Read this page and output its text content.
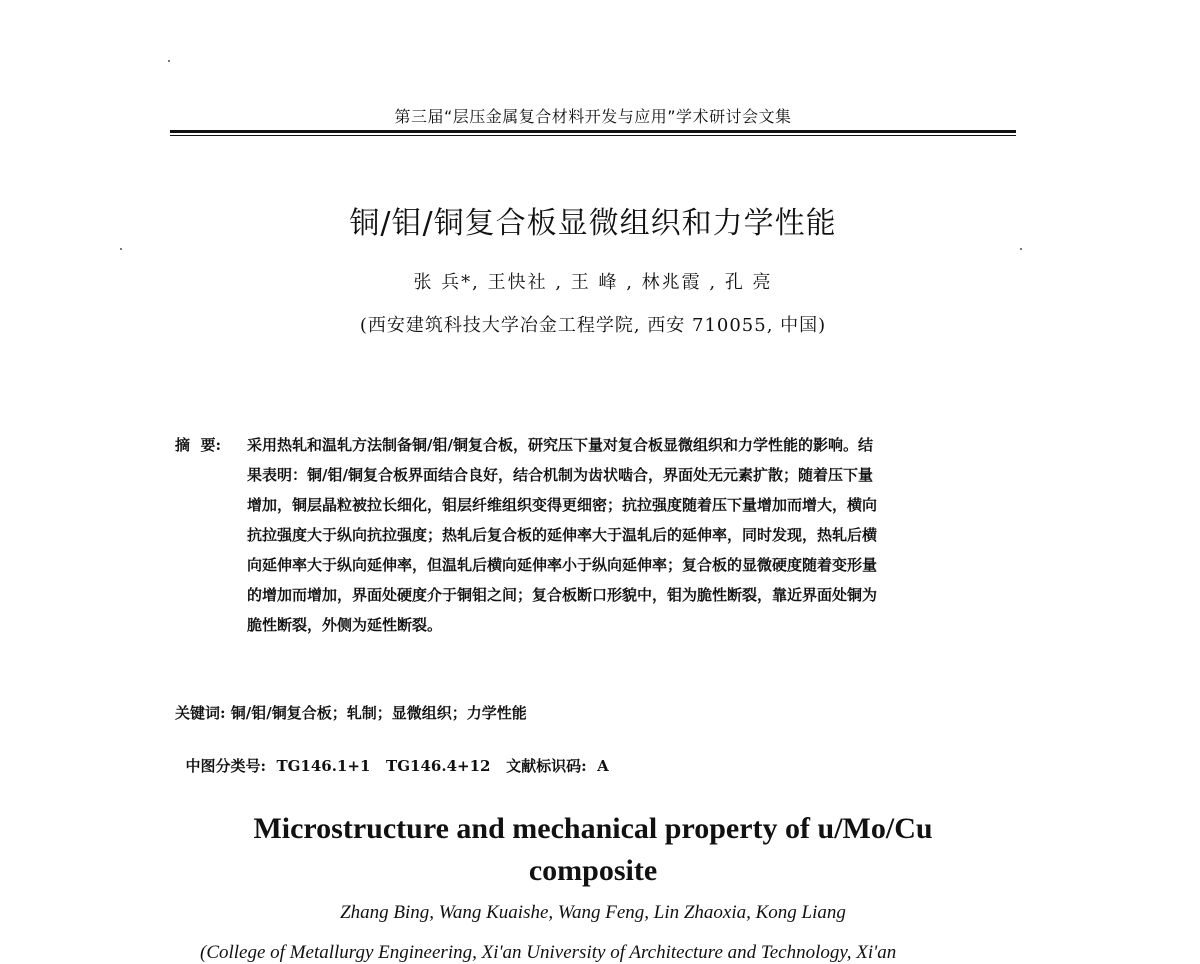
第三届“层压金属复合材料开发与应用”学术研讨会文集
铜/钼/铜复合板显微组织和力学性能
张 兵*, 王快社 , 王 峰 , 林兆霞 , 孔 亮
(西安建筑科技大学冶金工程学院, 西安 710055, 中国)
摘  要:	采用热轧和温轧方法制备铜/钼/铜复合板，研究压下量对复合板显微组织和力学性能的影响。结
果表明：铜/钼/铜复合板界面结合良好，结合机制为齿状啮合，界面处无元素扩散；随着压下量
增加，铜层晶粒被拉长细化，钼层纤维组织变得更细密；抗拉强度随着压下量增加而增大，横向
抗拉强度大于纵向抗拉强度；热轧后复合板的延伸率大于温轧后的延伸率，同时发现，热轧后横
向延伸率大于纵向延伸率，但温轧后横向延伸率小于纵向延伸率；复合板的显微硬度随着变形量
的增加而增加，界面处硬度介于铜钼之间；复合板断口形貌中，钼为脆性断裂，靠近界面处铜为
脆性断裂，外侧为延性断裂。
关键词: 铜/钼/铜复合板；轧制；显微组织；力学性能

中图分类号:  TG146.1+1   TG146.4+12   文献标识码:  A

Microstructure and mechanical property of u/Mo/Cu
composite
Zhang Bing, Wang Kuaishe, Wang Feng, Lin Zhaoxia, Kong Liang
(College of Metallurgy Engineering, Xi'an University of Architecture and Technology, Xi'an
